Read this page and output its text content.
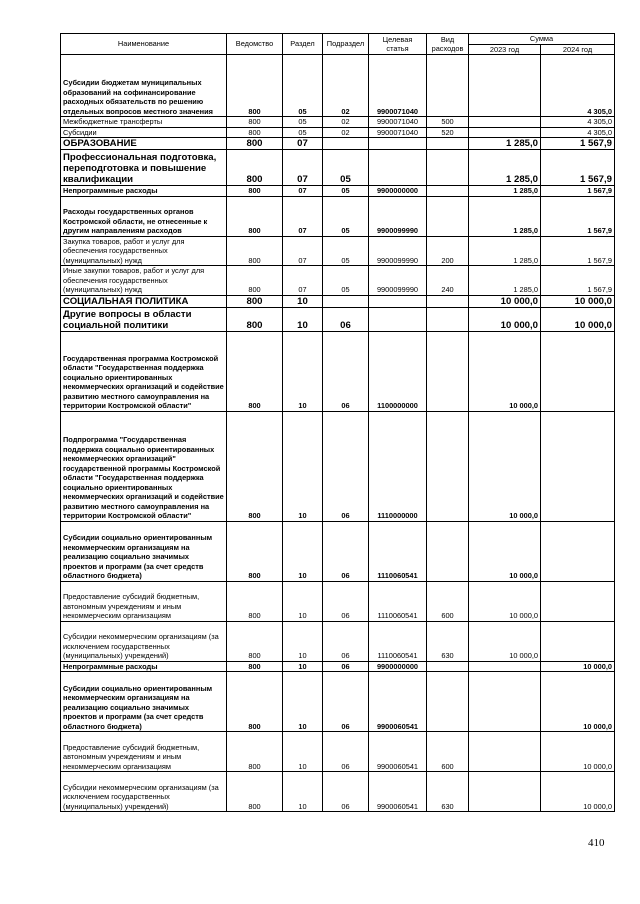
Наименование	Ведомство	Раздел	Подраздел	Целевая статья	Вид расходов	Сумма	
						2023 год	2024 год
Субсидии бюджетам муниципальных образований на софинансирование расходных обязательств по решению отдельных вопросов местного значения	800	05	02	9900071040			4 305,0
Межбюджетные трансферты	800	05	02	9900071040	500		4 305,0
Субсидии	800	05	02	9900071040	520		4 305,0
ОБРАЗОВАНИЕ	800	07				1 285,0	1 567,9
Профессиональная подготовка, переподготовка и повышение квалификации	800	07	05			1 285,0	1 567,9
Непрограммные расходы	800	07	05	9900000000		1 285,0	1 567,9
Расходы государственных органов Костромской области, не отнесенные к другим направлениям расходов	800	07	05	9900099990		1 285,0	1 567,9
Закупка товаров, работ и услуг для обеспечения государственных (муниципальных) нужд	800	07	05	9900099990	200	1 285,0	1 567,9
Иные закупки товаров, работ и услуг для обеспечения государственных (муниципальных) нужд	800	07	05	9900099990	240	1 285,0	1 567,9
СОЦИАЛЬНАЯ ПОЛИТИКА	800	10				10 000,0	10 000,0
Другие вопросы в области социальной политики	800	10	06			10 000,0	10 000,0
Государственная программа Костромской области "Государственная поддержка социально ориентированных некоммерческих организаций и содействие развитию местного самоуправления на территории Костромской области"	800	10	06	1100000000		10 000,0	
Подпрограмма "Государственная поддержка социально ориентированных некоммерческих организаций" государственной программы Костромской области "Государственная поддержка социально ориентированных некоммерческих организаций и содействие развитию местного самоуправления на территории Костромской области"	800	10	06	1110000000		10 000,0	
Субсидии социально ориентированным некоммерческим организациям на реализацию социально значимых проектов и программ (за счет средств областного бюджета)	800	10	06	1110060541		10 000,0	
Предоставление субсидий бюджетным, автономным учреждениям и иным некоммерческим организациям	800	10	06	1110060541	600	10 000,0	
Субсидии некоммерческим организациям (за исключением государственных (муниципальных) учреждений)	800	10	06	1110060541	630	10 000,0	
Непрограммные расходы	800	10	06	9900000000			10 000,0
Субсидии социально ориентированным некоммерческим организациям на реализацию социально значимых проектов и программ (за счет средств областного бюджета)	800	10	06	9900060541			10 000,0
Предоставление субсидий бюджетным, автономным учреждениям и иным некоммерческим организациям	800	10	06	9900060541	600		10 000,0
Субсидии некоммерческим организациям (за исключением государственных (муниципальных) учреждений)	800	10	06	9900060541	630		10 000,0
410
